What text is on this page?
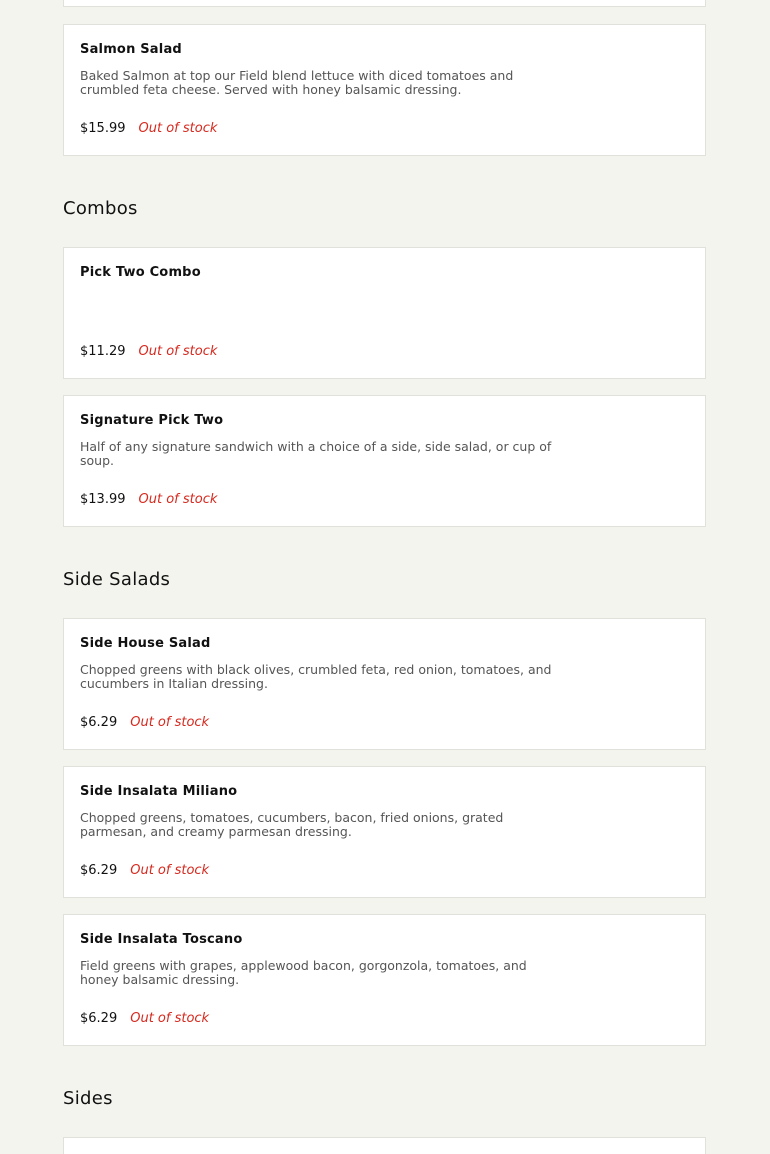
Salmon Salad
Baked Salmon at top our Field blend lettuce with diced tomatoes and crumbled feta cheese. Served with honey balsamic dressing.
$15.99 Out of stock
Combos
Pick Two Combo
$11.29 Out of stock
Signature Pick Two
Half of any signature sandwich with a choice of a side, side salad, or cup of soup.
$13.99 Out of stock
Side Salads
Side House Salad
Chopped greens with black olives, crumbled feta, red onion, tomatoes, and cucumbers in Italian dressing.
$6.29 Out of stock
Side Insalata Miliano
Chopped greens, tomatoes, cucumbers, bacon, fried onions, grated parmesan, and creamy parmesan dressing.
$6.29 Out of stock
Side Insalata Toscano
Field greens with grapes, applewood bacon, gorgonzola, tomatoes, and honey balsamic dressing.
$6.29 Out of stock
Sides
